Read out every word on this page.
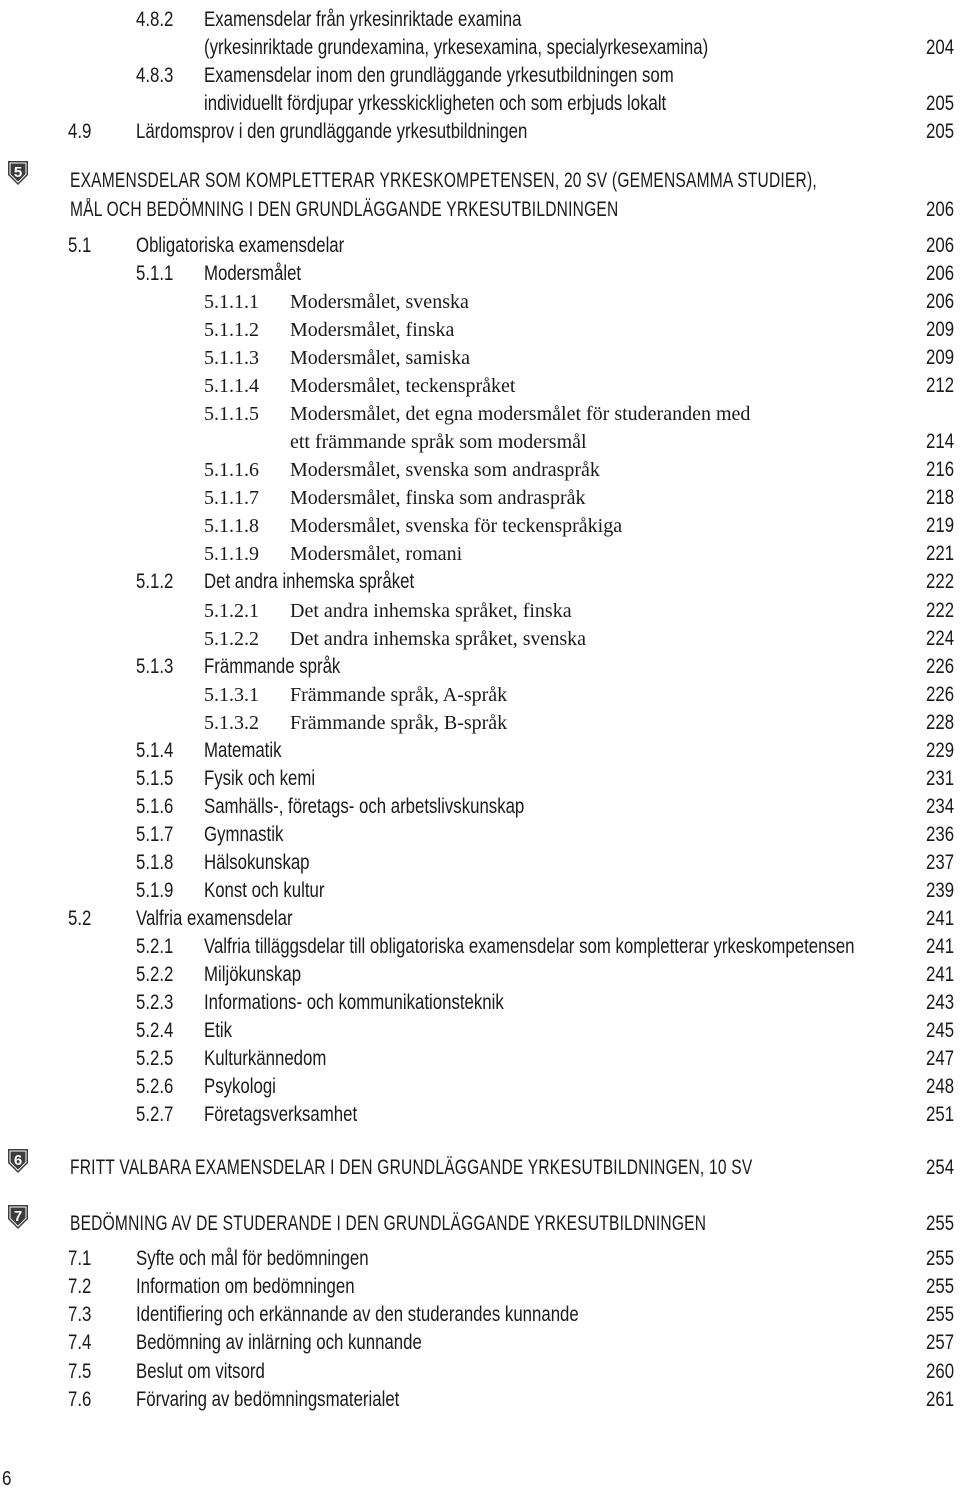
4.8.2 Examensdelar från yrkesinriktade examina
(yrkesinriktade grundexamina, yrkesexamina, specialyrkesexamina)	204
4.8.3 Examensdelar inom den grundläggande yrkesutbildningen som
individuellt fördjupar yrkesskickligheten och som erbjuds lokalt	205
4.9 Lärdomsprov i den grundläggande yrkesutbildningen	205
EXAMENSDELAR SOM KOMPLETTERAR YRKESKOMPETENSEN, 20 SV (GEMENSAMMA STUDIER),
MÅL OCH BEDÖMNING I DEN GRUNDLÄGGANDE YRKESUTBILDNINGEN	206
5.1 Obligatoriska examensdelar	206
5.1.1 Modersmålet	206
5.1.1.1 Modersmålet, svenska	206
5.1.1.2 Modersmålet, finska	209
5.1.1.3 Modersmålet, samiska	209
5.1.1.4 Modersmålet, teckenspråket	212
5.1.1.5 Modersmålet, det egna modersmålet för studeranden med
ett främmande språk som modersmål	214
5.1.1.6 Modersmålet, svenska som andraspråk	216
5.1.1.7 Modersmålet, finska som andraspråk	218
5.1.1.8 Modersmålet, svenska för teckenspråkiga	219
5.1.1.9 Modersmålet, romani	221
5.1.2 Det andra inhemska språket	222
5.1.2.1 Det andra inhemska språket, finska	222
5.1.2.2 Det andra inhemska språket, svenska	224
5.1.3 Främmande språk	226
5.1.3.1 Främmande språk, A-språk	226
5.1.3.2 Främmande språk, B-språk	228
5.1.4 Matematik	229
5.1.5 Fysik och kemi	231
5.1.6 Samhälls-, företags- och arbetslivskunskap	234
5.1.7 Gymnastik	236
5.1.8 Hälsokunskap	237
5.1.9 Konst och kultur	239
5.2 Valfria examensdelar	241
5.2.1 Valfria tilläggsdelar till obligatoriska examensdelar som kompletterar yrkeskompetensen	241
5.2.2 Miljökunskap	241
5.2.3 Informations- och kommunikationsteknik	243
5.2.4 Etik	245
5.2.5 Kulturkännedom	247
5.2.6 Psykologi	248
5.2.7 Företagsverksamhet	251
FRITT VALBARA EXAMENSDELAR I DEN GRUNDLÄGGANDE YRKESUTBILDNINGEN, 10 SV	254
BEDÖMNING AV DE STUDERANDE I DEN GRUNDLÄGGANDE YRKESUTBILDNINGEN	255
7.1 Syfte och mål för bedömningen	255
7.2 Information om bedömningen	255
7.3 Identifiering och erkännande av den studerandes kunnande	255
7.4 Bedömning av inlärning och kunnande	257
7.5 Beslut om vitsord	260
7.6 Förvaring av bedömningsmaterialet	261
5
6
7
6
